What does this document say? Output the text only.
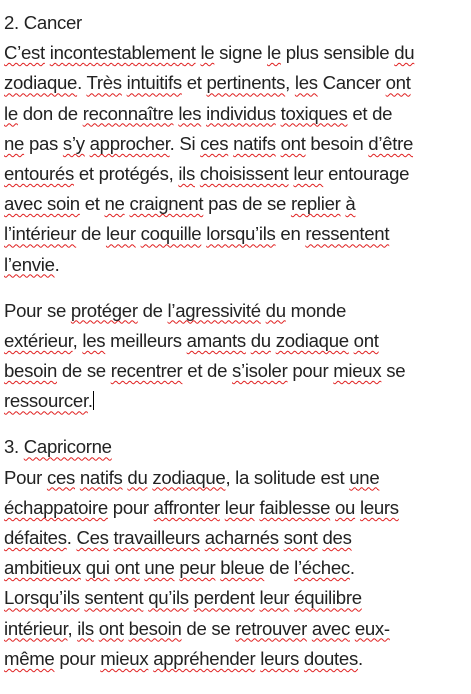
2. Cancer
C’est incontestablement le signe le plus sensible du
zodiaque. Très intuitifs et pertinents, les Cancer ont
le don de reconnaître les individus toxiques et de
ne pas s’y approcher. Si ces natifs ont besoin d’être
entourés et protégés, ils choisissent leur entourage
avec soin et ne craignent pas de se replier à
l’intérieur de leur coquille lorsqu’ils en ressentent
l’envie.
Pour se protéger de l’agressivité du monde
extérieur, les meilleurs amants du zodiaque ont
besoin de se recentrer et de s’isoler pour mieux se
ressourcer.
3. Capricorne
Pour ces natifs du zodiaque, la solitude est une
échappatoire pour affronter leur faiblesse ou leurs
défaites. Ces travailleurs acharnés sont des
ambitieux qui ont une peur bleue de l’échec.
Lorsqu’ils sentent qu’ils perdent leur équilibre
intérieur, ils ont besoin de se retrouver avec eux-
même pour mieux appréhender leurs doutes.
